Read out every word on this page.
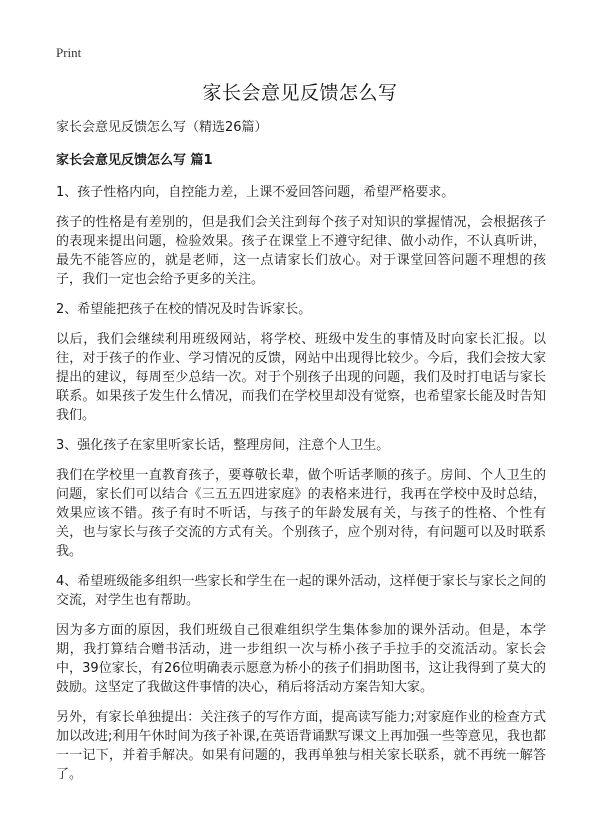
Print
家长会意见反馈怎么写

家长会意见反馈怎么写（精选26篇）

家长会意见反馈怎么写 篇1

1、孩子性格内向，自控能力差，上课不爱回答问题，希望严格要求。

孩子的性格是有差别的，但是我们会关注到每个孩子对知识的掌握情况，会根据孩子的表现来提出问题，检验效果。孩子在课堂上不遵守纪律、做小动作，不认真听讲，最先不能答应的，就是老师，这一点请家长们放心。对于课堂回答问题不理想的孩子，我们一定也会给予更多的关注。

2、希望能把孩子在校的情况及时告诉家长。

以后，我们会继续利用班级网站，将学校、班级中发生的事情及时向家长汇报。以往，对于孩子的作业、学习情况的反馈，网站中出现得比较少。今后，我们会按大家提出的建议，每周至少总结一次。对于个别孩子出现的问题，我们及时打电话与家长联系。如果孩子发生什么情况，而我们在学校里却没有觉察，也希望家长能及时告知我们。

3、强化孩子在家里听家长话，整理房间，注意个人卫生。

我们在学校里一直教育孩子，要尊敬长辈，做个听话孝顺的孩子。房间、个人卫生的问题，家长们可以结合《三五五四进家庭》的表格来进行，我再在学校中及时总结，效果应该不错。孩子有时不听话，与孩子的年龄发展有关，与孩子的性格、个性有关，也与家长与孩子交流的方式有关。个别孩子，应个别对待，有问题可以及时联系我。

4、希望班级能多组织一些家长和学生在一起的课外活动，这样便于家长与家长之间的交流，对学生也有帮助。

因为多方面的原因，我们班级自己很难组织学生集体参加的课外活动。但是，本学期，我打算结合赠书活动，进一步组织一次与桥小孩子手拉手的交流活动。家长会中，39位家长，有26位明确表示愿意为桥小的孩子们捐助图书，这让我得到了莫大的鼓励。这坚定了我做这件事情的决心，稍后将活动方案告知大家。

另外，有家长单独提出：关注孩子的写作方面，提高读写能力;对家庭作业的检查方式加以改进;利用午休时间为孩子补课,在英语背诵默写课文上再加强一些等意见，我也都一一记下，并着手解决。如果有问题的，我再单独与相关家长联系，就不再统一解答了。
